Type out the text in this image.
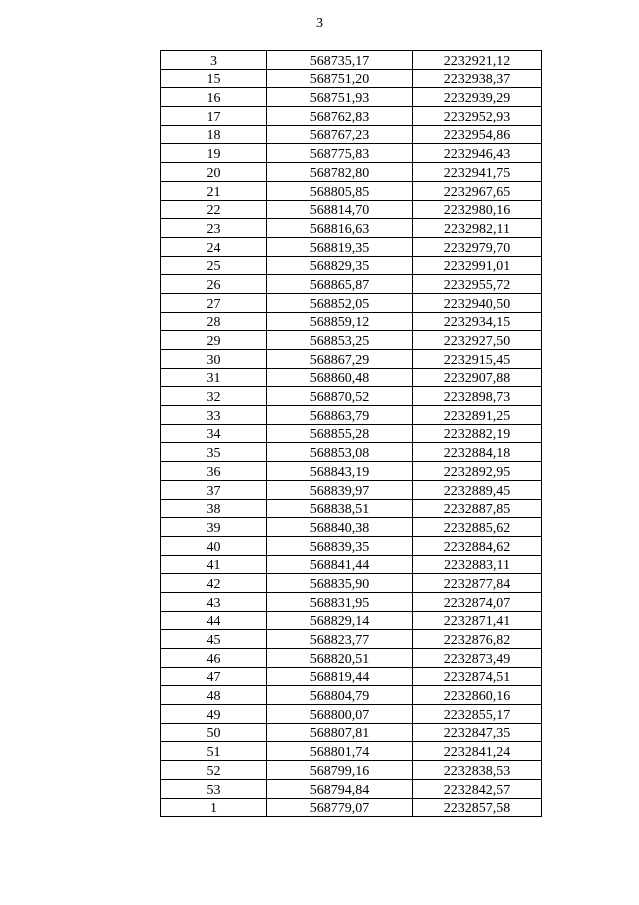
3
3	568735,17	2232921,12
15	568751,20	2232938,37
16	568751,93	2232939,29
17	568762,83	2232952,93
18	568767,23	2232954,86
19	568775,83	2232946,43
20	568782,80	2232941,75
21	568805,85	2232967,65
22	568814,70	2232980,16
23	568816,63	2232982,11
24	568819,35	2232979,70
25	568829,35	2232991,01
26	568865,87	2232955,72
27	568852,05	2232940,50
28	568859,12	2232934,15
29	568853,25	2232927,50
30	568867,29	2232915,45
31	568860,48	2232907,88
32	568870,52	2232898,73
33	568863,79	2232891,25
34	568855,28	2232882,19
35	568853,08	2232884,18
36	568843,19	2232892,95
37	568839,97	2232889,45
38	568838,51	2232887,85
39	568840,38	2232885,62
40	568839,35	2232884,62
41	568841,44	2232883,11
42	568835,90	2232877,84
43	568831,95	2232874,07
44	568829,14	2232871,41
45	568823,77	2232876,82
46	568820,51	2232873,49
47	568819,44	2232874,51
48	568804,79	2232860,16
49	568800,07	2232855,17
50	568807,81	2232847,35
51	568801,74	2232841,24
52	568799,16	2232838,53
53	568794,84	2232842,57
1	568779,07	2232857,58
